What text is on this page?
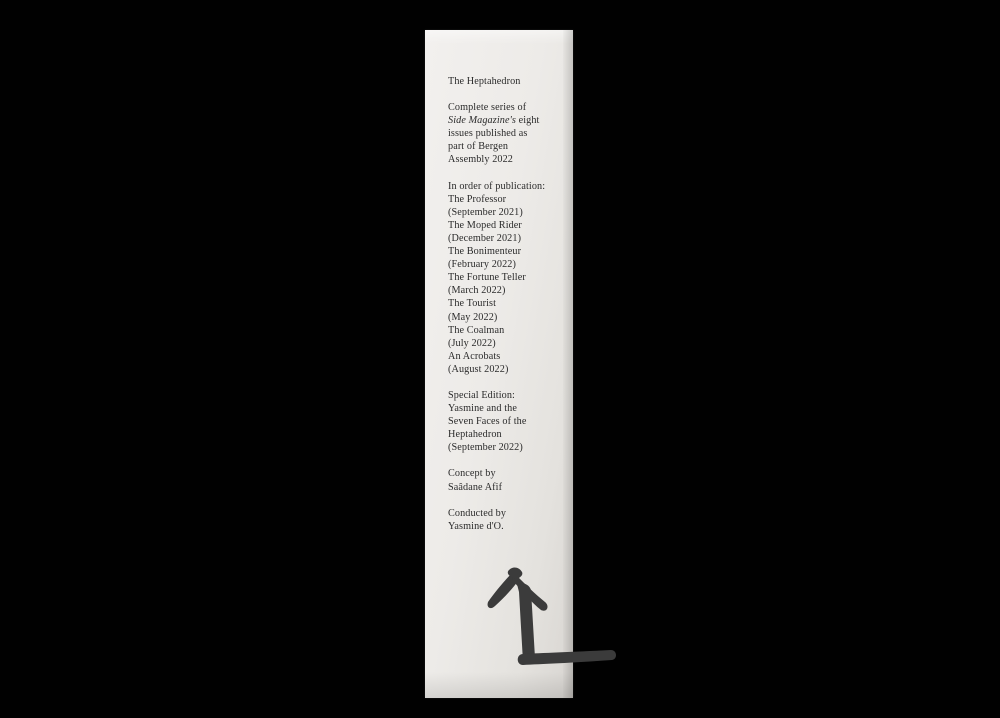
The Heptahedron
Complete series of
Side Magazine's eight
issues published as
part of Bergen
Assembly 2022
In order of publication:
The Professor
(September 2021)
The Moped Rider
(December 2021)
The Bonimenteur
(February 2022)
The Fortune Teller
(March 2022)
The Tourist
(May 2022)
The Coalman
(July 2022)
An Acrobats
(August 2022)
Special Edition:
Yasmine and the
Seven Faces of the
Heptahedron
(September 2022)
Concept by
Saâdane Afif
Conducted by
Yasmine d'O.
